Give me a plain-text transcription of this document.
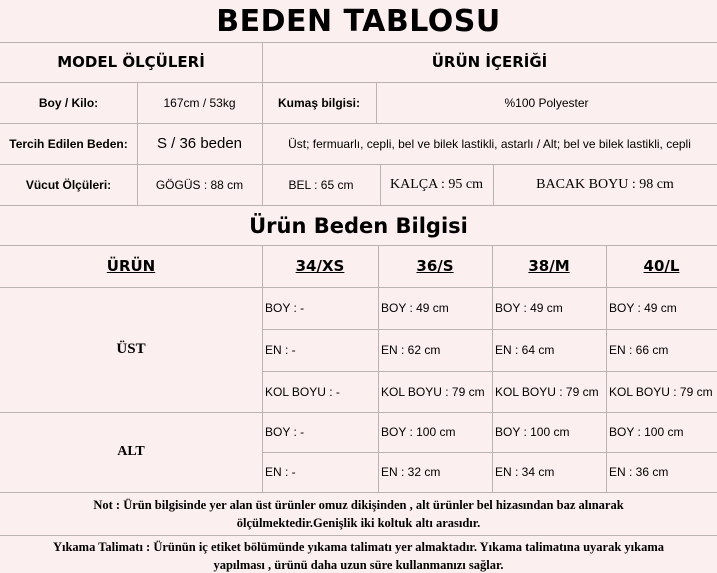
BEDEN TABLOSU
MODEL ÖLÇÜLERİ	ÜRÜN İÇERİĞİ
Boy / Kilo:	167cm / 53kg	Kumaş bilgisi:	%100 Polyester
Tercih Edilen Beden:	S / 36 beden	Üst; fermuarlı, cepli, bel ve bilek lastikli, astarlı / Alt; bel ve bilek lastikli, cepli
Vücut Ölçüleri:	GÖGÜS : 88 cm	BEL : 65 cm	KALÇA : 95 cm	BACAK BOYU : 98 cm
Ürün Beden Bilgisi
ÜRÜN	34/XS	36/S	38/M	40/L
ÜST
BOY : -	BOY : 49 cm	BOY : 49 cm	BOY : 49 cm
EN : -	EN : 62 cm	EN : 64 cm	EN : 66 cm
KOL BOYU : -	KOL BOYU : 79 cm KOL BOYU : 79 cm KOL BOYU : 79 cm
ALT
BOY : -	BOY : 100 cm	BOY : 100 cm	BOY : 100 cm
EN : -	EN : 32 cm	EN : 34 cm	EN : 36 cm
Not : Ürün bilgisinde yer alan üst ürünler omuz dikişinden , alt ürünler bel hizasından baz alınarak
ölçülmektedir.Genişlik iki koltuk altı arasıdır.
Yıkama Talimatı : Ürünün iç etiket bölümünde yıkama talimatı yer almaktadır. Yıkama talimatına uyarak yıkama
yapılması , ürünü daha uzun süre kullanmanızı sağlar.
